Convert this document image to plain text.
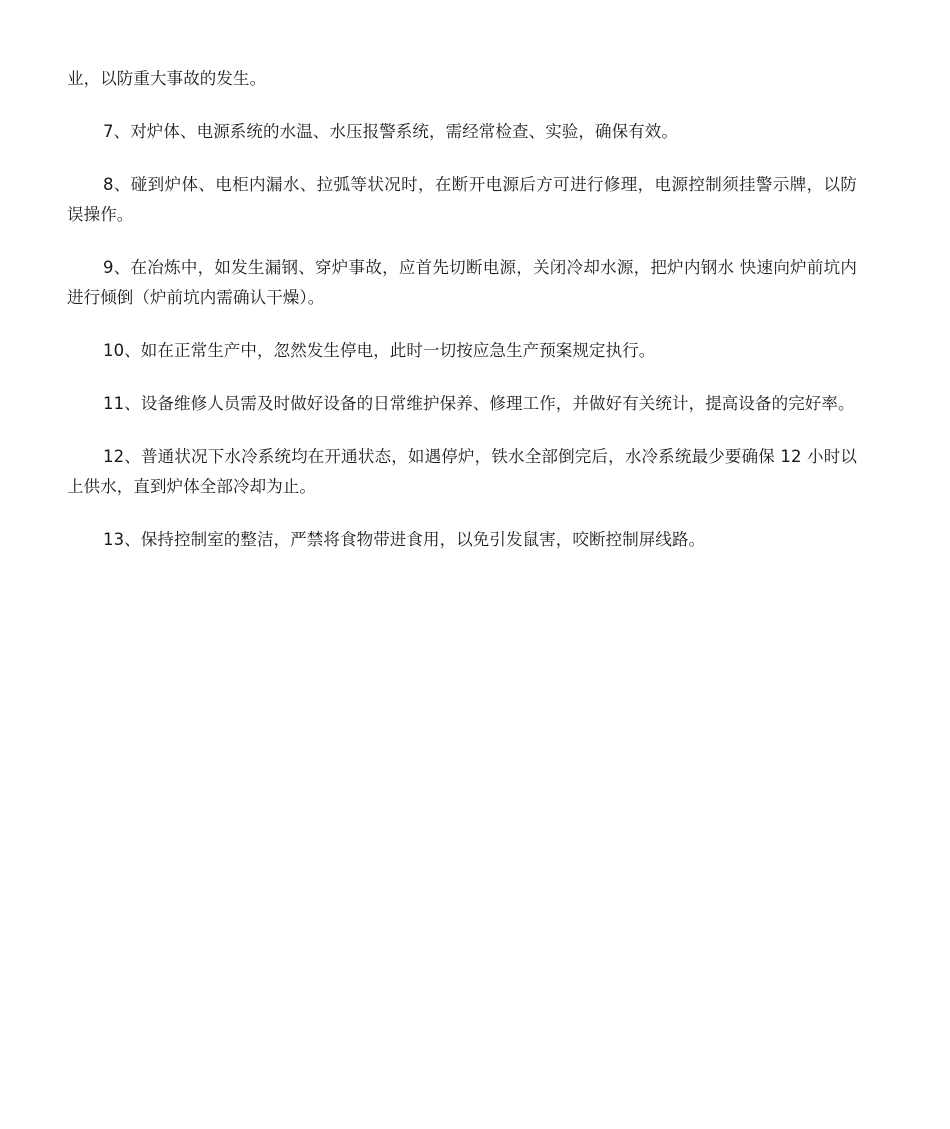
业，以防重大事故的发生。

7、对炉体、电源系统的水温、水压报警系统，需经常检查、实验，确保有效。

8、碰到炉体、电柜内漏水、拉弧等状况时，在断开电源后方可进行修理，电源控制须挂警示牌，以防误操作。

9、在冶炼中，如发生漏钢、穿炉事故，应首先切断电源，关闭冷却水源，把炉内钢水 快速向炉前坑内进行倾倒（炉前坑内需确认干燥）。

10、如在正常生产中，忽然发生停电，此时一切按应急生产预案规定执行。

11、设备维修人员需及时做好设备的日常维护保养、修理工作，并做好有关统计，提高设备的完好率。

12、普通状况下水冷系统均在开通状态，如遇停炉，铁水全部倒完后，水冷系统最少要确保 12 小时以上供水，直到炉体全部冷却为止。

13、保持控制室的整洁，严禁将食物带进食用，以免引发鼠害，咬断控制屏线路。
